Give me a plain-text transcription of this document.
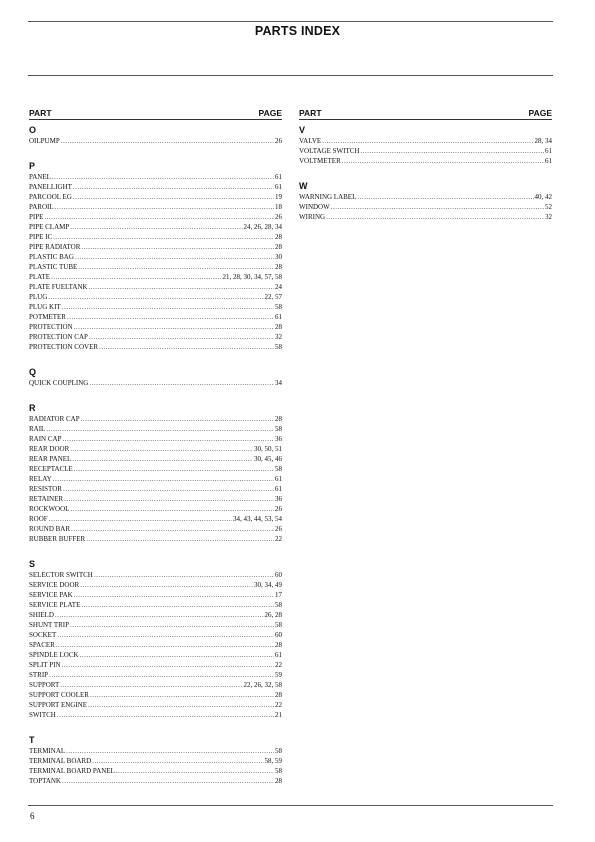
PARTS INDEX
PART	PAGE
O
OILPUMP .....	26
P
PANEL .....	61
PANELLIGHT .....	61
PARCOOL EG .....	19
PAROIL .....	18
PIPE .....	26
PIPE CLAMP .....	24, 26, 28, 34
PIPE IC .....	28
PIPE RADIATOR .....	28
PLASTIC BAG .....	30
PLASTIC TUBE .....	28
PLATE .....	21, 28, 30, 34, 57, 58
PLATE FUELTANK .....	24
PLUG .....	22, 57
PLUG KIT .....	58
POTMETER .....	61
PROTECTION .....	28
PROTECTION CAP .....	32
PROTECTION COVER .....	58
Q
QUICK COUPLING .....	34
R
RADIATOR CAP .....	28
RAIL .....	58
RAIN CAP .....	36
REAR DOOR .....	30, 50, 51
REAR PANEL .....	30, 45, 46
RECEPTACLE .....	58
RELAY .....	61
RESISTOR .....	61
RETAINER .....	36
ROCKWOOL .....	26
ROOF .....	34, 43, 44, 53, 54
ROUND BAR .....	26
RUBBER BUFFER .....	22
S
SELECTOR SWITCH .....	60
SERVICE DOOR .....	30, 34, 49
SERVICE PAK .....	17
SERVICE PLATE .....	58
SHIELD .....	26, 28
SHUNT TRIP .....	58
SOCKET .....	60
SPACER .....	28
SPINDLE LOCK .....	61
SPLIT PIN .....	22
STRIP .....	59
SUPPORT .....	22, 26, 32, 58
SUPPORT COOLER .....	28
SUPPORT ENGINE .....	22
SWITCH .....	21
T
TERMINAL .....	58
TERMINAL BOARD .....	58, 59
TERMINAL BOARD PANEL .....	58
TOPTANK .....	28
PART	PAGE
V
VALVE .....	28, 34
VOLTAGE SWITCH .....	61
VOLTMETER .....	61
W
WARNING LABEL .....	40, 42
WINDOW .....	52
WIRING .....	32
6
